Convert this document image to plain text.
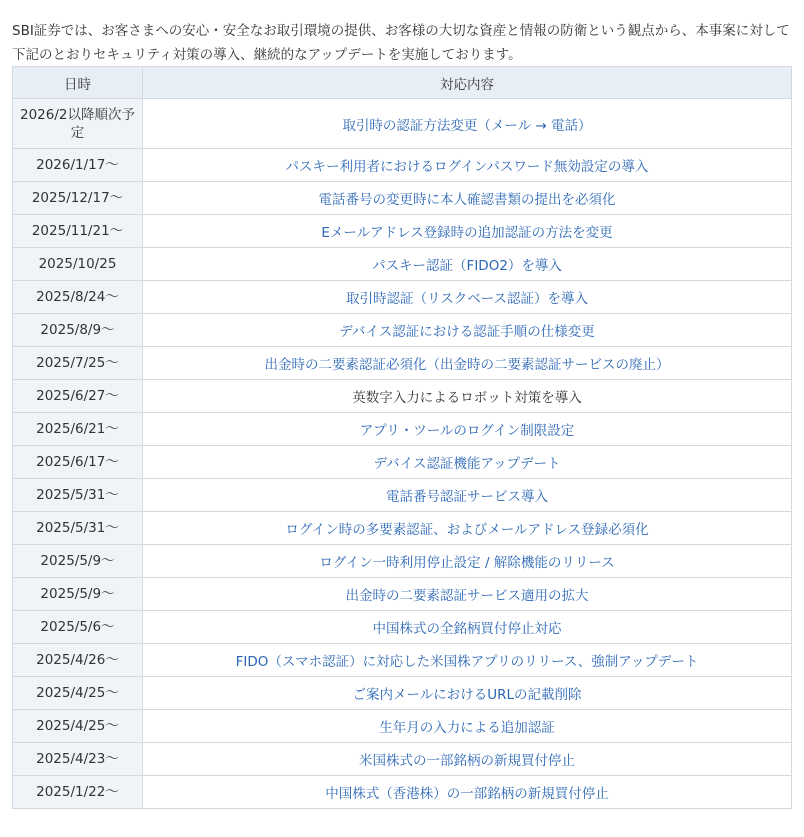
SBI証券では、お客さまへの安心・安全なお取引環境の提供、お客様の大切な資産と情報の防衛という観点から、本事案に対して下記のとおりセキュリティ対策の導入、継続的なアップデートを実施しております。

日時	対応内容

2026/2以降順次予定	取引時の認証方法変更（メール → 電話）

2026/1/17〜	パスキー利用者におけるログインパスワード無効設定の導入

2025/12/17〜	電話番号の変更時に本人確認書類の提出を必須化

2025/11/21〜	Eメールアドレス登録時の追加認証の方法を変更

2025/10/25	パスキー認証（FIDO2）を導入

2025/8/24〜	取引時認証（リスクベース認証）を導入

2025/8/9〜	デバイス認証における認証手順の仕様変更

2025/7/25〜	出金時の二要素認証必須化（出金時の二要素認証サービスの廃止）

2025/6/27〜	英数字入力によるロボット対策を導入

2025/6/21〜	アプリ・ツールのログイン制限設定

2025/6/17〜	デバイス認証機能アップデート

2025/5/31〜	電話番号認証サービス導入

2025/5/31〜	ログイン時の多要素認証、およびメールアドレス登録必須化

2025/5/9〜	ログイン一時利用停止設定 / 解除機能のリリース

2025/5/9〜	出金時の二要素認証サービス適用の拡大

2025/5/6〜	中国株式の全銘柄買付停止対応

2025/4/26〜	FIDO（スマホ認証）に対応した米国株アプリのリリース、強制アップデート

2025/4/25〜	ご案内メールにおけるURLの記載削除

2025/4/25〜	生年月の入力による追加認証

2025/4/23〜	米国株式の一部銘柄の新規買付停止

2025/1/22〜	中国株式（香港株）の一部銘柄の新規買付停止
